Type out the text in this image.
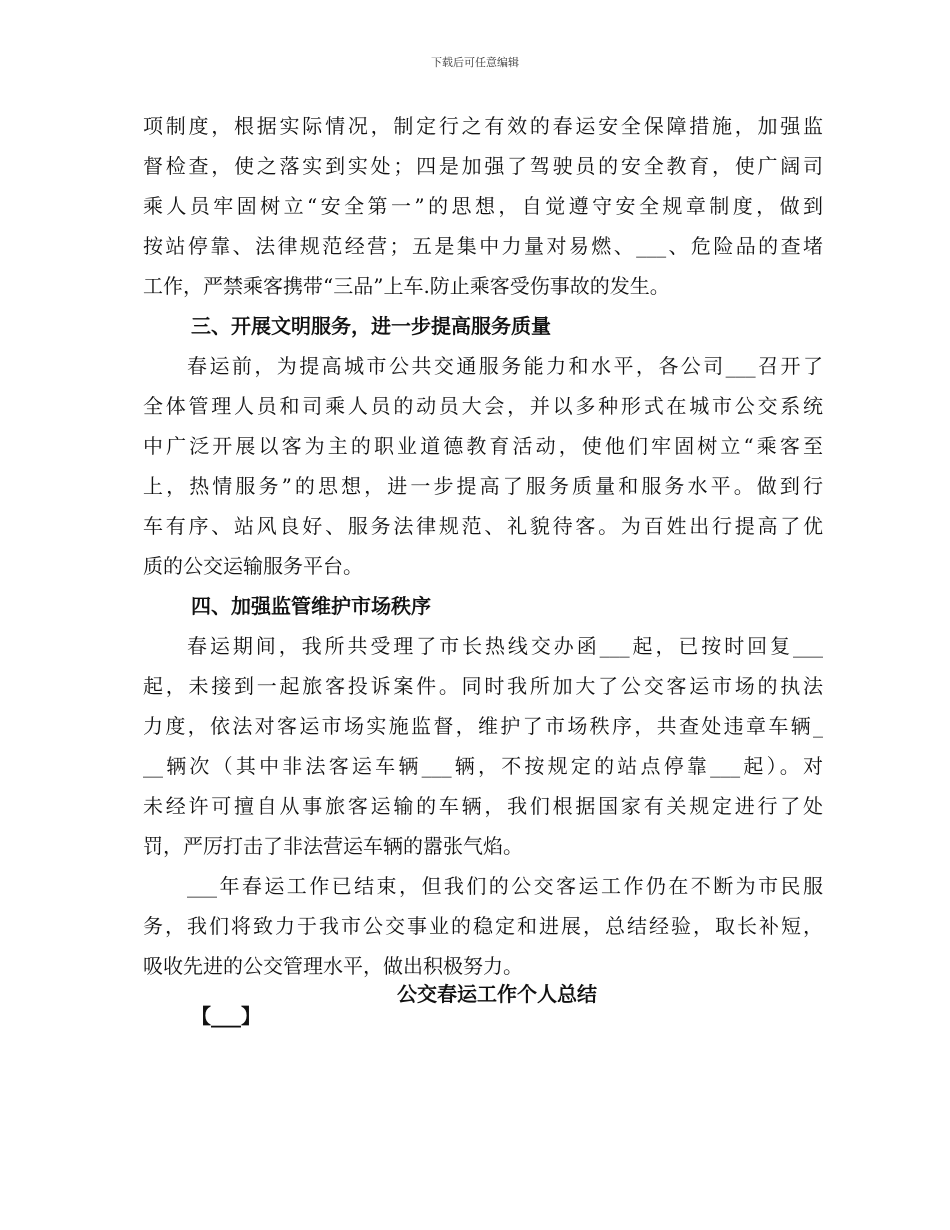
下载后可任意编辑
项制度，根据实际情况，制定行之有效的春运安全保障措施，加强监
督检查，使之落实到实处；四是加强了驾驶员的安全教育，使广阔司
乘人员牢固树立“安全第一”的思想，自觉遵守安全规章制度，做到
按站停靠、法律规范经营；五是集中力量对易燃、___、危险品的查堵
工作，严禁乘客携带“三品”上车.防止乘客受伤事故的发生。
三、开展文明服务，进一步提高服务质量
春运前，为提高城市公共交通服务能力和水平，各公司___召开了
全体管理人员和司乘人员的动员大会，并以多种形式在城市公交系统
中广泛开展以客为主的职业道德教育活动，使他们牢固树立“乘客至
上，热情服务”的思想，进一步提高了服务质量和服务水平。做到行
车有序、站风良好、服务法律规范、礼貌待客。为百姓出行提高了优
质的公交运输服务平台。
四、加强监管维护市场秩序
春运期间，我所共受理了市长热线交办函___起，已按时回复___
起，未接到一起旅客投诉案件。同时我所加大了公交客运市场的执法
力度，依法对客运市场实施监督，维护了市场秩序，共查处违章车辆_
__辆次（其中非法客运车辆___辆，不按规定的站点停靠___起）。对
未经许可擅自从事旅客运输的车辆，我们根据国家有关规定进行了处
罚，严厉打击了非法营运车辆的嚣张气焰。
___年春运工作已结束，但我们的公交客运工作仍在不断为市民服
务，我们将致力于我市公交事业的稳定和进展，总结经验，取长补短，
吸收先进的公交管理水平，做出积极努力。
【___】
公交春运工作个人总结
